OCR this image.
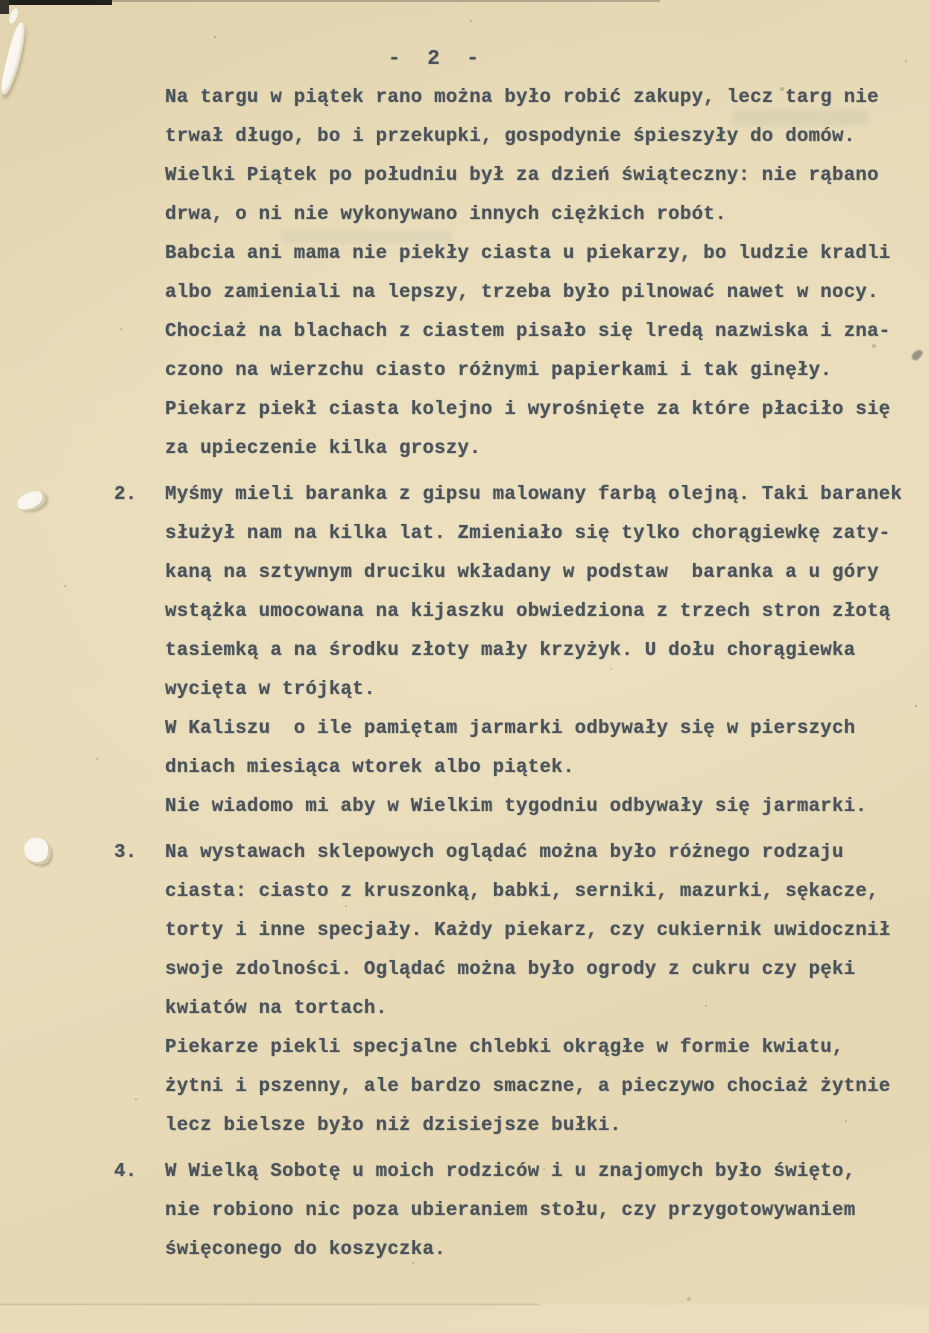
- 2 -
Na targu w piątek rano można było robić zakupy, lecz targ nie
trwał długo, bo i przekupki, gospodynie śpieszyły do domów.
Wielki Piątek po południu był za dzień świąteczny: nie rąbano
drwa, o ni nie wykonywano innych ciężkich robót.
Babcia ani mama nie piekły ciasta u piekarzy, bo ludzie kradli
albo zamieniali na lepszy, trzeba było pilnować nawet w nocy.
Chociaż na blachach z ciastem pisało się lredą nazwiska i zna-
czono na wierzchu ciasto różnymi papierkami i tak ginęły.
Piekarz piekł ciasta kolejno i wyrośnięte za które płaciło się
za upieczenie kilka groszy.
2. Myśmy mieli baranka z gipsu malowany farbą olejną. Taki baranek
służył nam na kilka lat. Zmieniało się tylko chorągiewkę zaty-
kaną na sztywnym druciku wkładany w podstaw  baranka a u góry
wstążka umocowana na kijaszku obwiedziona z trzech stron złotą
tasiemką a na środku złoty mały krzyżyk. U dołu chorągiewka
wycięta w trójkąt.
W Kaliszu  o ile pamiętam jarmarki odbywały się w pierszych
dniach miesiąca wtorek albo piątek.
Nie wiadomo mi aby w Wielkim tygodniu odbywały się jarmarki.
3. Na wystawach sklepowych oglądać można było różnego rodzaju
ciasta: ciasto z kruszonką, babki, serniki, mazurki, sękacze,
torty i inne specjały. Każdy piekarz, czy cukiernik uwidocznił
swoje zdolności. Oglądać można było ogrody z cukru czy pęki
kwiatów na tortach.
Piekarze piekli specjalne chlebki okrągłe w formie kwiatu,
żytni i pszenny, ale bardzo smaczne, a pieczywo chociaż żytnie
lecz bielsze było niż dzisiejsze bułki.
4. W Wielką Sobotę u moich rodziców i u znajomych było święto,
nie robiono nic poza ubieraniem stołu, czy przygotowywaniem
święconego do koszyczka.
